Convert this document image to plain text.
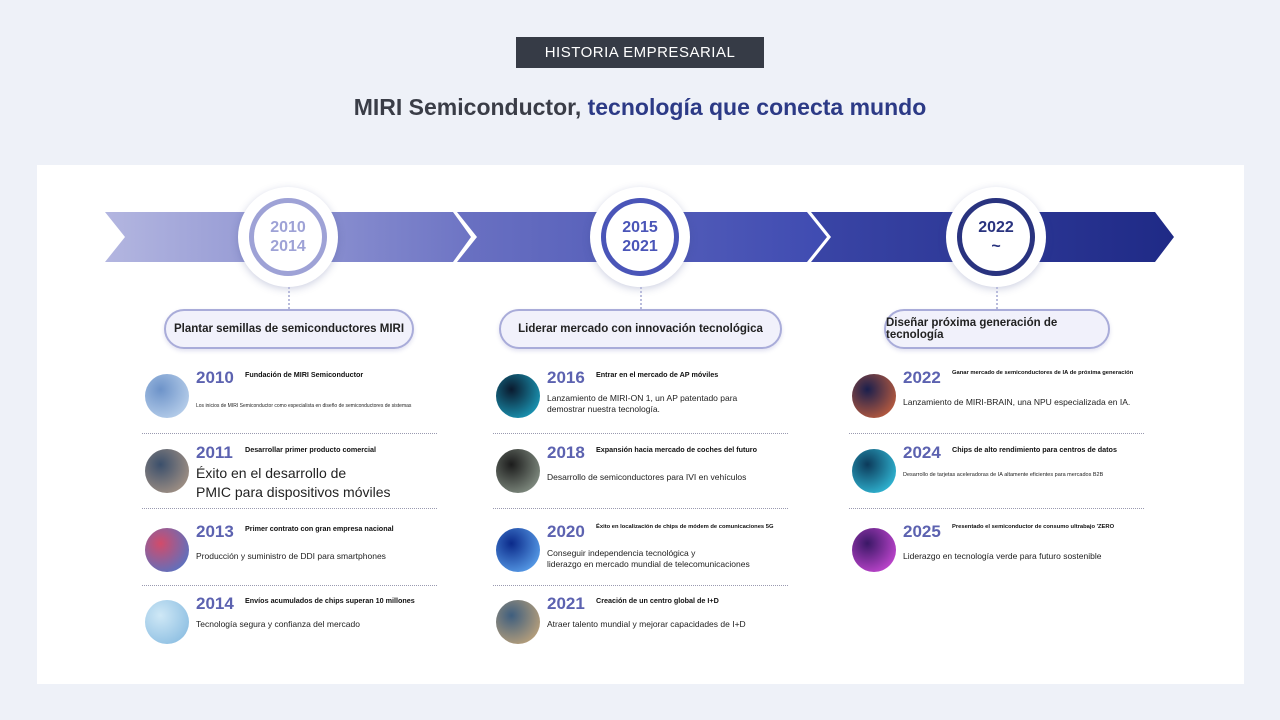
HISTORIA EMPRESARIAL
MIRI Semiconductor, tecnología que conecta mundo
2010
2014
Plantar semillas de semiconductores MIRI
2015
2021
Liderar mercado con innovación tecnológica
2022
~
Diseñar próxima generación de tecnología
2010 Fundación de MIRI Semiconductor
Los inicios de MIRI Semiconductor como especialista en diseño de semiconductores de sistemas
2011 Desarrollar primer producto comercial
Éxito en el desarrollo de
PMIC para dispositivos móviles
2013 Primer contrato con gran empresa nacional
Producción y suministro de DDI para smartphones
2014 Envíos acumulados de chips superan 10 millones
Tecnología segura y confianza del mercado
2016 Entrar en el mercado de AP móviles
Lanzamiento de MIRI-ON 1, un AP patentado para
demostrar nuestra tecnología.
2018 Expansión hacia mercado de coches del futuro
Desarrollo de semiconductores para IVI en vehículos
2020 Éxito en localización de chips de módem de comunicaciones 5G
Conseguir independencia tecnológica y
liderazgo en mercado mundial de telecomunicaciones
2021 Creación de un centro global de I+D
Atraer talento mundial y mejorar capacidades de I+D
2022 Ganar mercado de semiconductores de IA de próxima generación
Lanzamiento de MIRI-BRAIN, una NPU especializada en IA.
2024 Chips de alto rendimiento para centros de datos
Desarrollo de tarjetas aceleradoras de IA altamente eficientes para mercados B2B
2025 Presentado el semiconductor de consumo ultrabajo 'ZERO
Liderazgo en tecnología verde para futuro sostenible
